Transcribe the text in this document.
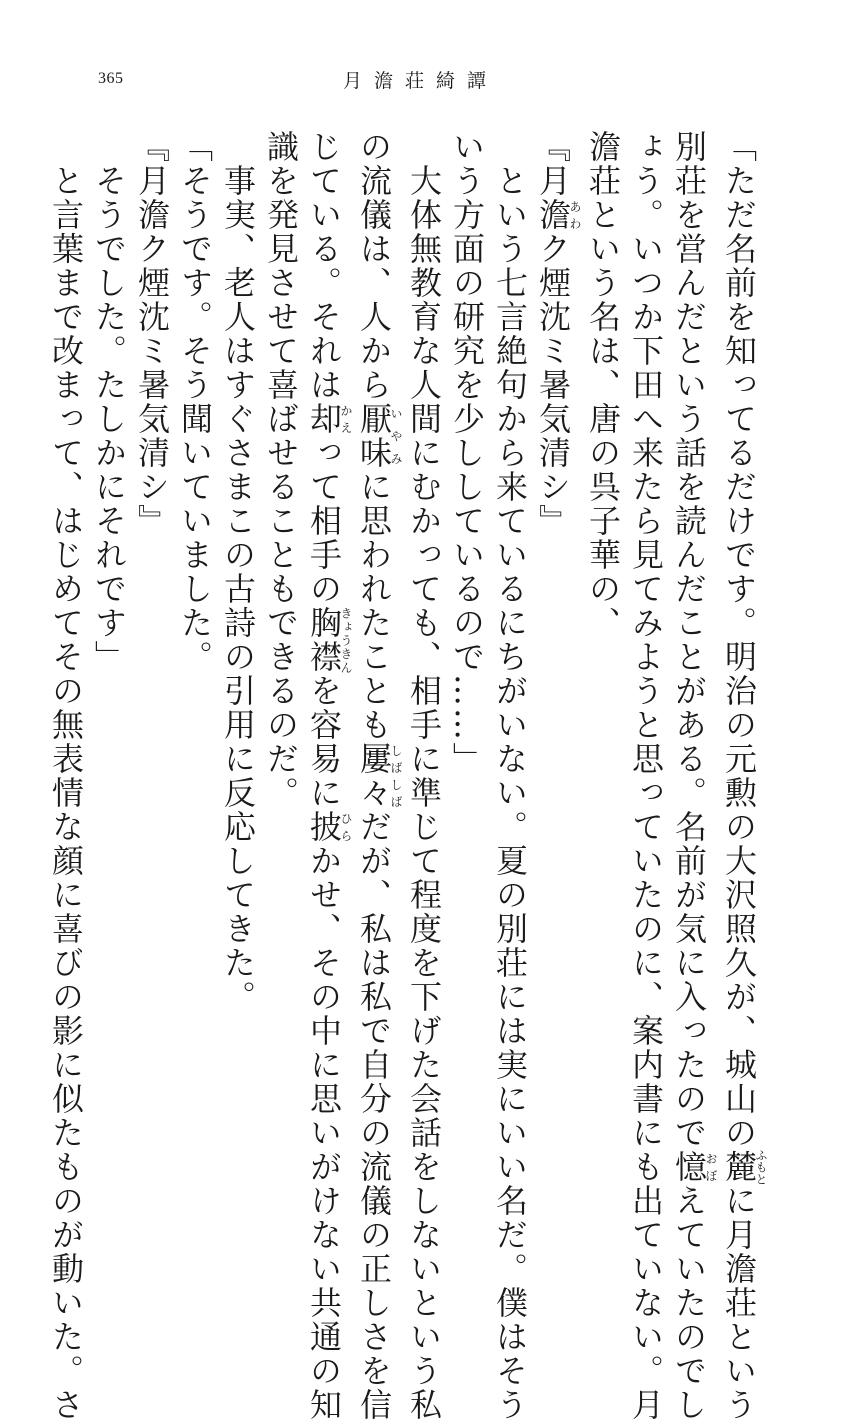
365	月澹荘綺譚
「ただ名前を知ってるだけです。明治の元勲の大沢照久が、城山の麓ふもとに月澹荘という
別荘を営んだという話を読んだことがある。名前が気に入ったので憶おぼえていたのでし
ょう。いつか下田へ来たら見てみようと思っていたのに、案内書にも出ていない。月
澹荘という名は、唐の呉子華の、
『月澹あわク煙沈ミ暑気清シ』
　という七言絶句から来ているにちがいない。夏の別荘には実にいい名だ。僕はそう
いう方面の研究を少ししているので……」
　大体無教育な人間にむかっても、相手に準じて程度を下げた会話をしないという私
の流儀は、人から厭味いやみに思われたことも屢々しばしばだが、私は私で自分の流儀の正しさを信
じている。それは却かえって相手の胸襟きょうきんを容易に披ひらかせ、その中に思いがけない共通の知
識を発見させて喜ばせることもできるのだ。
　事実、老人はすぐさまこの古詩の引用に反応してきた。
「そうです。そう聞いていました。
『月澹ク煙沈ミ暑気清シ』
　そうでした。たしかにそれです」
　と言葉まで改まって、はじめてその無表情な顔に喜びの影に似たものが動いた。さ
